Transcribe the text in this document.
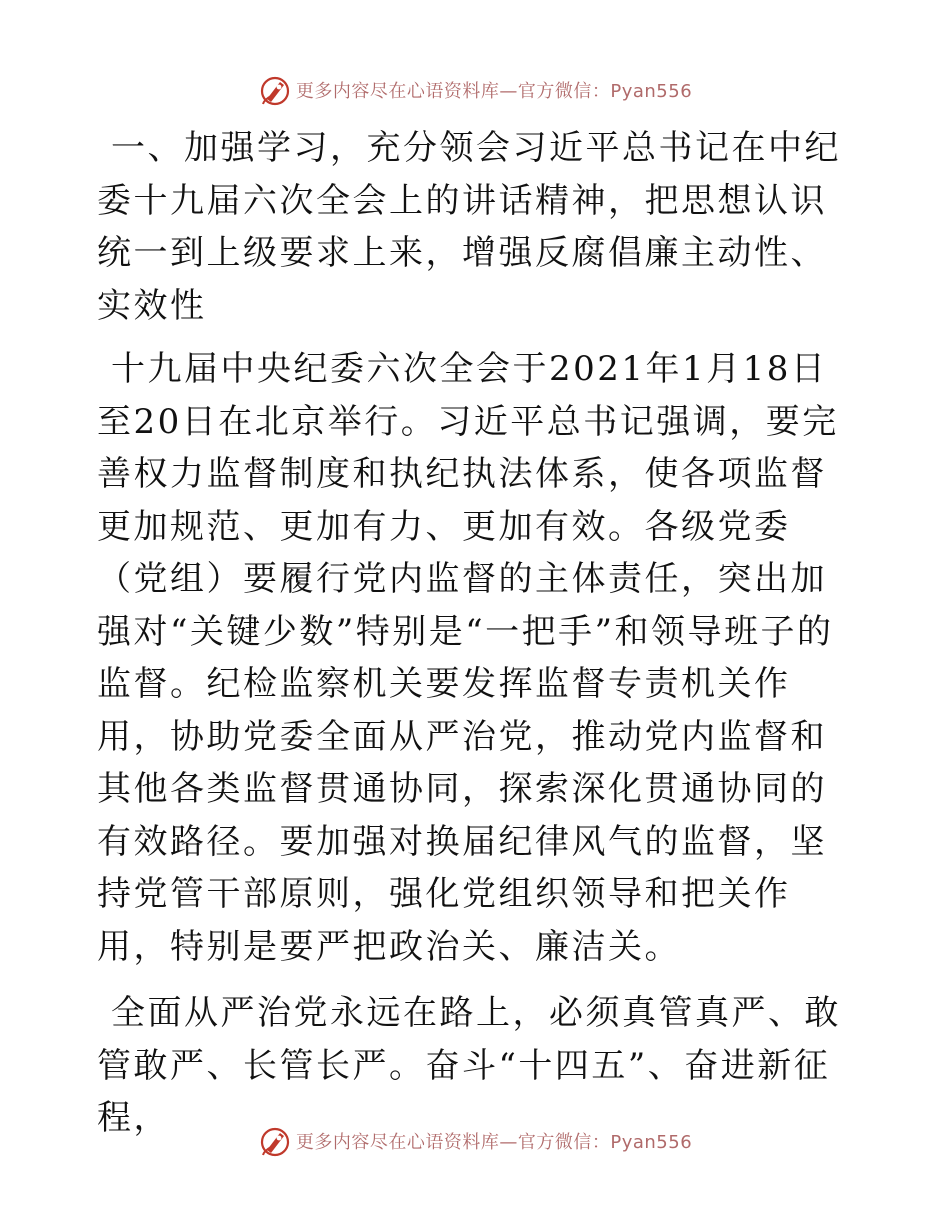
更多内容尽在心语资料库—官方微信：Pyan556

一、加强学习，充分领会习近平总书记在中纪委十九届六次全会上的讲话精神，把思想认识统一到上级要求上来，增强反腐倡廉主动性、实效性

十九届中央纪委六次全会于2021年1月18日至20日在北京举行。习近平总书记强调，要完善权力监督制度和执纪执法体系，使各项监督更加规范、更加有力、更加有效。各级党委（党组）要履行党内监督的主体责任，突出加强对“关键少数”特别是“一把手”和领导班子的监督。纪检监察机关要发挥监督专责机关作用，协助党委全面从严治党，推动党内监督和其他各类监督贯通协同，探索深化贯通协同的有效路径。要加强对换届纪律风气的监督，坚持党管干部原则，强化党组织领导和把关作用，特别是要严把政治关、廉洁关。

全面从严治党永远在路上，必须真管真严、敢管敢严、长管长严。奋斗“十四五”、奋进新征程，

更多内容尽在心语资料库—官方微信：Pyan556
